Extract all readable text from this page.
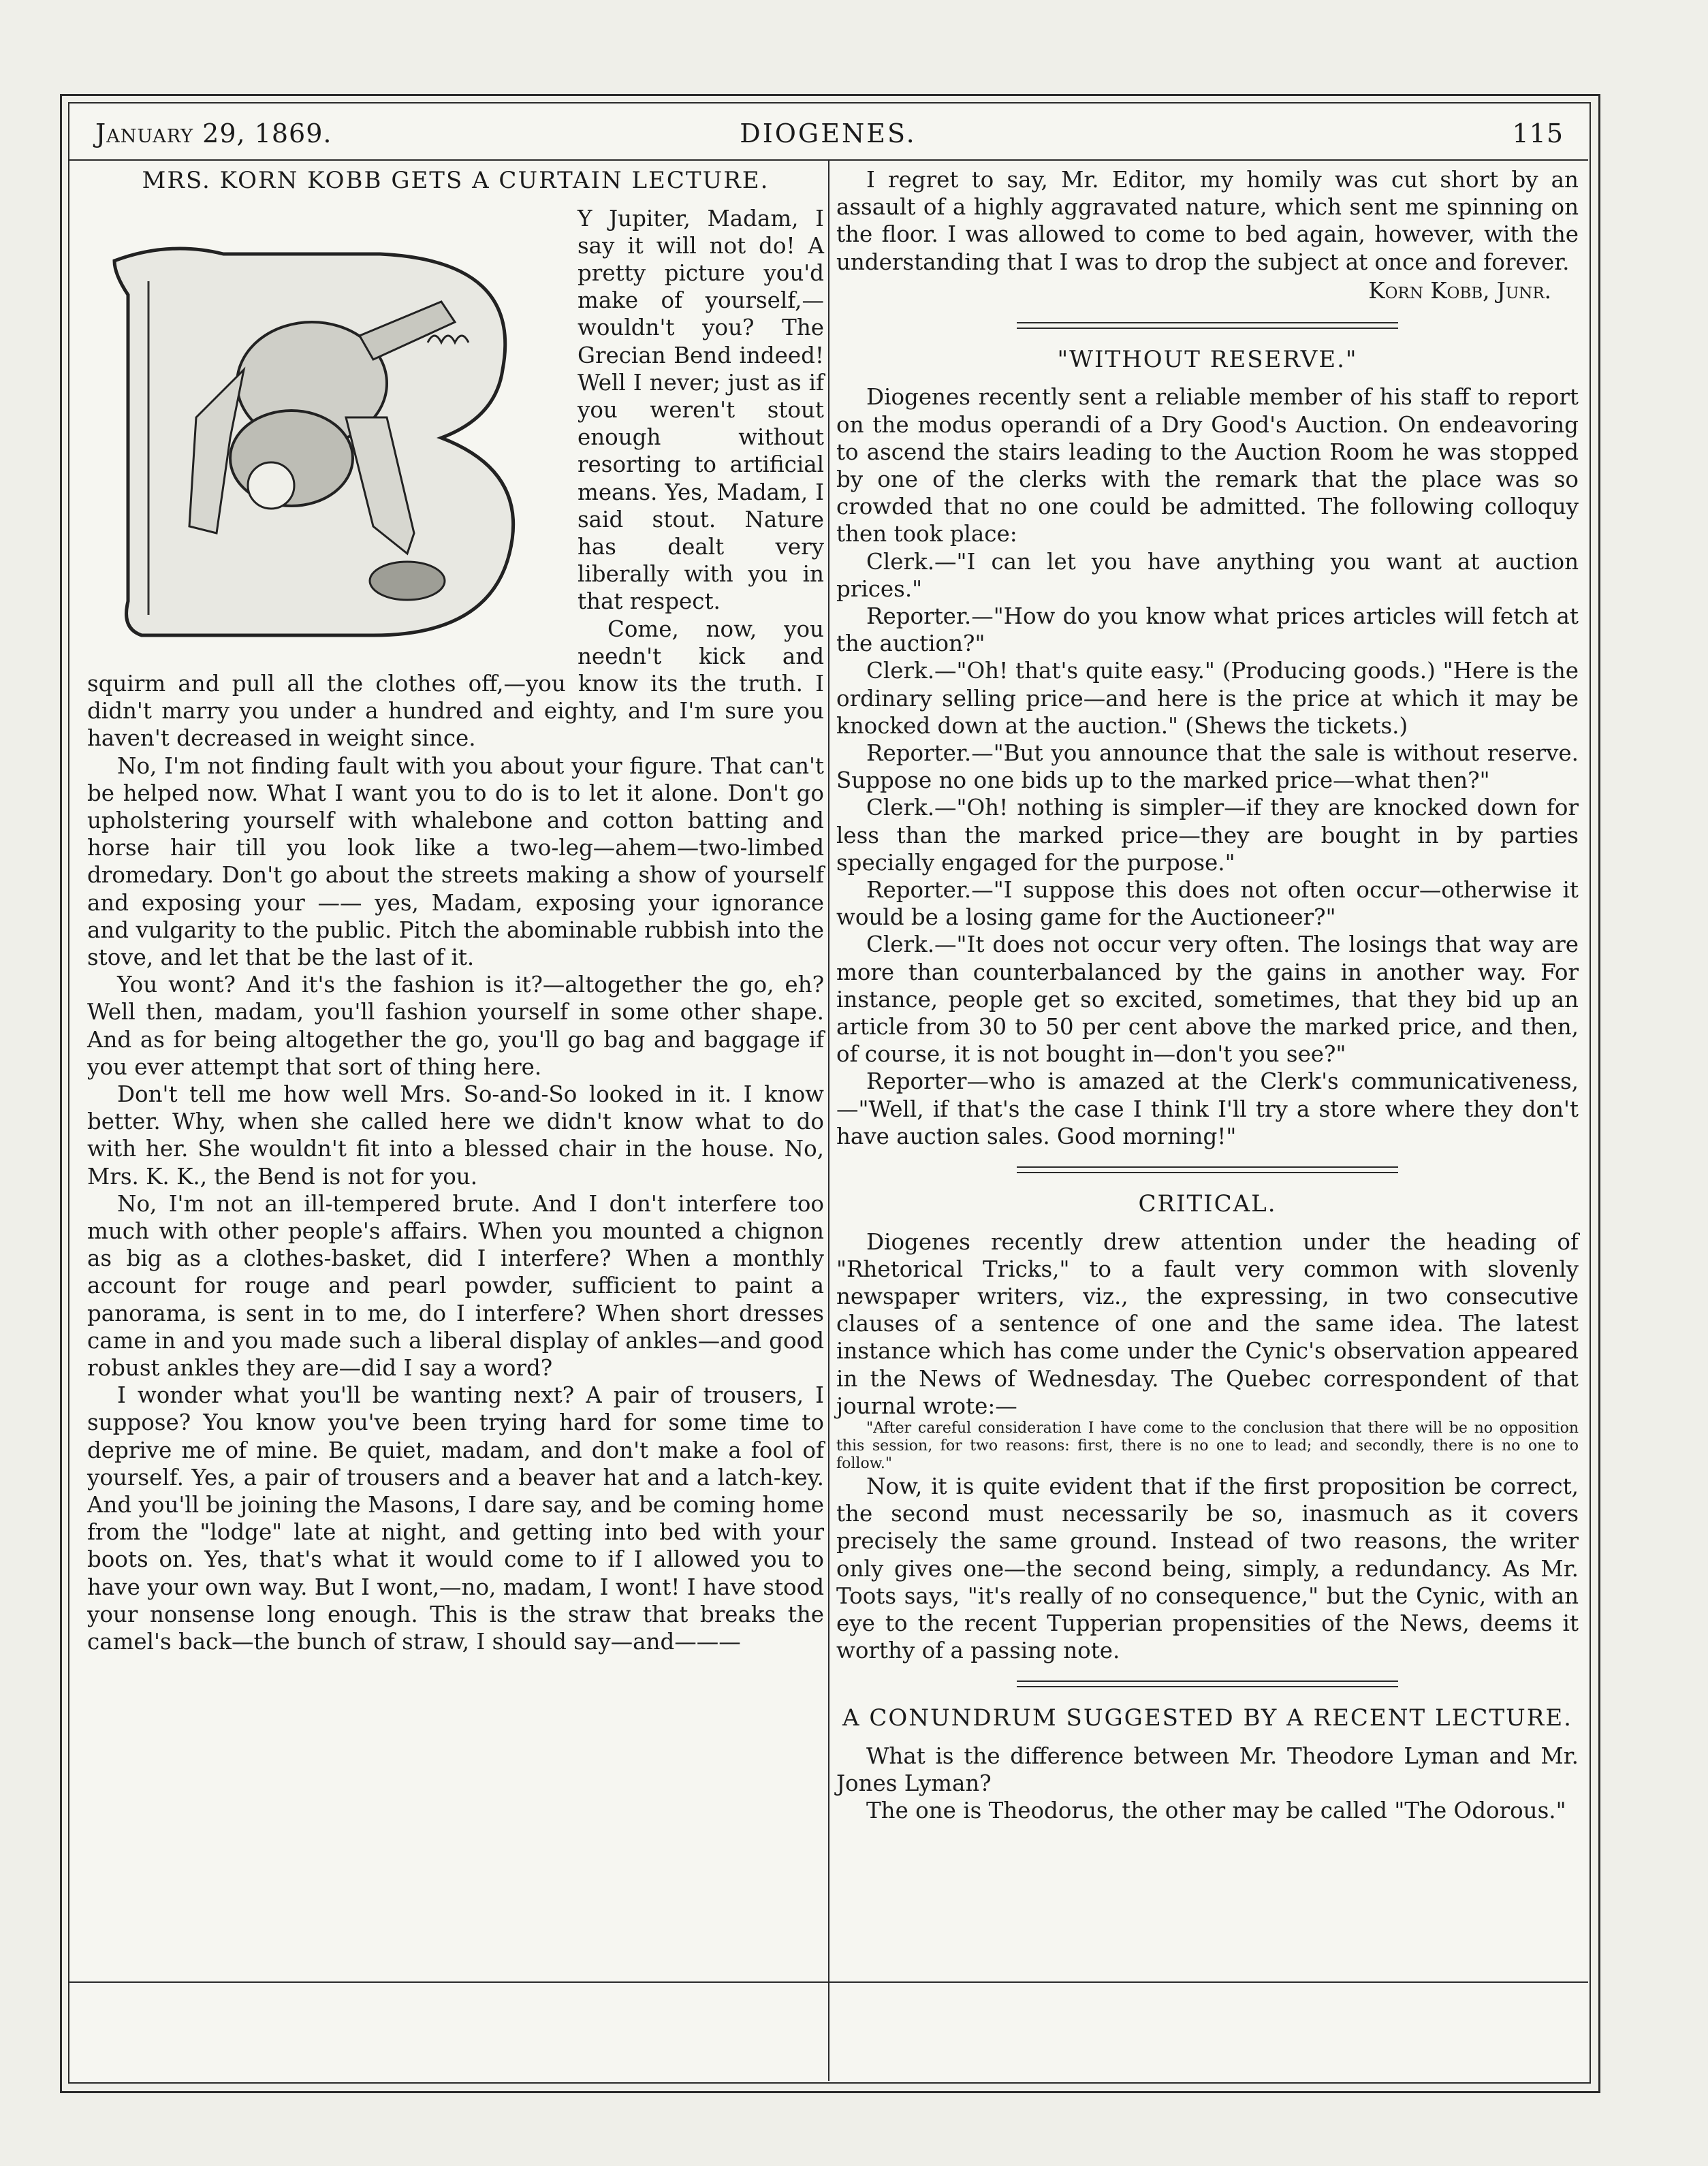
January 29, 1869.	DIOGENES.	115
MRS. KORN KOBB GETS A CURTAIN LECTURE.

Y Jupiter, Madam, I say it will not do! A pretty picture you'd make of yourself,—wouldn't you? The Grecian Bend indeed! Well I never; just as if you weren't stout enough without resorting to artificial means. Yes, Madam, I said stout. Nature has dealt very liberally with you in that respect.

Come, now, you needn't kick and squirm and pull all the clothes off,—you know its the truth. I didn't marry you under a hundred and eighty, and I'm sure you haven't decreased in weight since.

No, I'm not finding fault with you about your figure. That can't be helped now. What I want you to do is to let it alone. Don't go upholstering yourself with whalebone and cotton batting and horse hair till you look like a two-leg—ahem—two-limbed dromedary. Don't go about the streets making a show of yourself and exposing your —— yes, Madam, exposing your ignorance and vulgarity to the public. Pitch the abominable rubbish into the stove, and let that be the last of it.

You wont? And it's the fashion is it?—altogether the go, eh? Well then, madam, you'll fashion yourself in some other shape. And as for being altogether the go, you'll go bag and baggage if you ever attempt that sort of thing here.

Don't tell me how well Mrs. So-and-So looked in it. I know better. Why, when she called here we didn't know what to do with her. She wouldn't fit into a blessed chair in the house. No, Mrs. K. K., the Bend is not for you.

No, I'm not an ill-tempered brute. And I don't interfere too much with other people's affairs. When you mounted a chignon as big as a clothes-basket, did I interfere? When a monthly account for rouge and pearl powder, sufficient to paint a panorama, is sent in to me, do I interfere? When short dresses came in and you made such a liberal display of ankles—and good robust ankles they are—did I say a word?

I wonder what you'll be wanting next? A pair of trousers, I suppose? You know you've been trying hard for some time to deprive me of mine. Be quiet, madam, and don't make a fool of yourself. Yes, a pair of trousers and a beaver hat and a latch-key. And you'll be joining the Masons, I dare say, and be coming home from the "lodge" late at night, and getting into bed with your boots on. Yes, that's what it would come to if I allowed you to have your own way. But I wont,—no, madam, I wont! I have stood your nonsense long enough. This is the straw that breaks the camel's back—the bunch of straw, I should say—and———

I regret to say, Mr. Editor, my homily was cut short by an assault of a highly aggravated nature, which sent me spinning on the floor. I was allowed to come to bed again, however, with the understanding that I was to drop the subject at once and forever.

Korn Kobb, Junr.
"WITHOUT RESERVE."

Diogenes recently sent a reliable member of his staff to report on the modus operandi of a Dry Good's Auction. On endeavoring to ascend the stairs leading to the Auction Room he was stopped by one of the clerks with the remark that the place was so crowded that no one could be admitted. The following colloquy then took place:

Clerk.—"I can let you have anything you want at auction prices."

Reporter.—"How do you know what prices articles will fetch at the auction?"

Clerk.—"Oh! that's quite easy." (Producing goods.) "Here is the ordinary selling price—and here is the price at which it may be knocked down at the auction." (Shews the tickets.)

Reporter.—"But you announce that the sale is without reserve. Suppose no one bids up to the marked price—what then?"

Clerk.—"Oh! nothing is simpler—if they are knocked down for less than the marked price—they are bought in by parties specially engaged for the purpose."

Reporter.—"I suppose this does not often occur—otherwise it would be a losing game for the Auctioneer?"

Clerk.—"It does not occur very often. The losings that way are more than counterbalanced by the gains in another way. For instance, people get so excited, sometimes, that they bid up an article from 30 to 50 per cent above the marked price, and then, of course, it is not bought in—don't you see?"

Reporter—who is amazed at the Clerk's communicativeness,—"Well, if that's the case I think I'll try a store where they don't have auction sales. Good morning!"

CRITICAL.

Diogenes recently drew attention under the heading of "Rhetorical Tricks," to a fault very common with slovenly newspaper writers, viz., the expressing, in two consecutive clauses of a sentence of one and the same idea. The latest instance which has come under the Cynic's observation appeared in the News of Wednesday. The Quebec correspondent of that journal wrote:—

"After careful consideration I have come to the conclusion that there will be no opposition this session, for two reasons: first, there is no one to lead; and secondly, there is no one to follow."

Now, it is quite evident that if the first proposition be correct, the second must necessarily be so, inasmuch as it covers precisely the same ground. Instead of two reasons, the writer only gives one—the second being, simply, a redundancy. As Mr. Toots says, "it's really of no consequence," but the Cynic, with an eye to the recent Tupperian propensities of the News, deems it worthy of a passing note.

A CONUNDRUM SUGGESTED BY A RECENT LECTURE.

What is the difference between Mr. Theodore Lyman and Mr. Jones Lyman?

The one is Theodorus, the other may be called "The Odorous."
